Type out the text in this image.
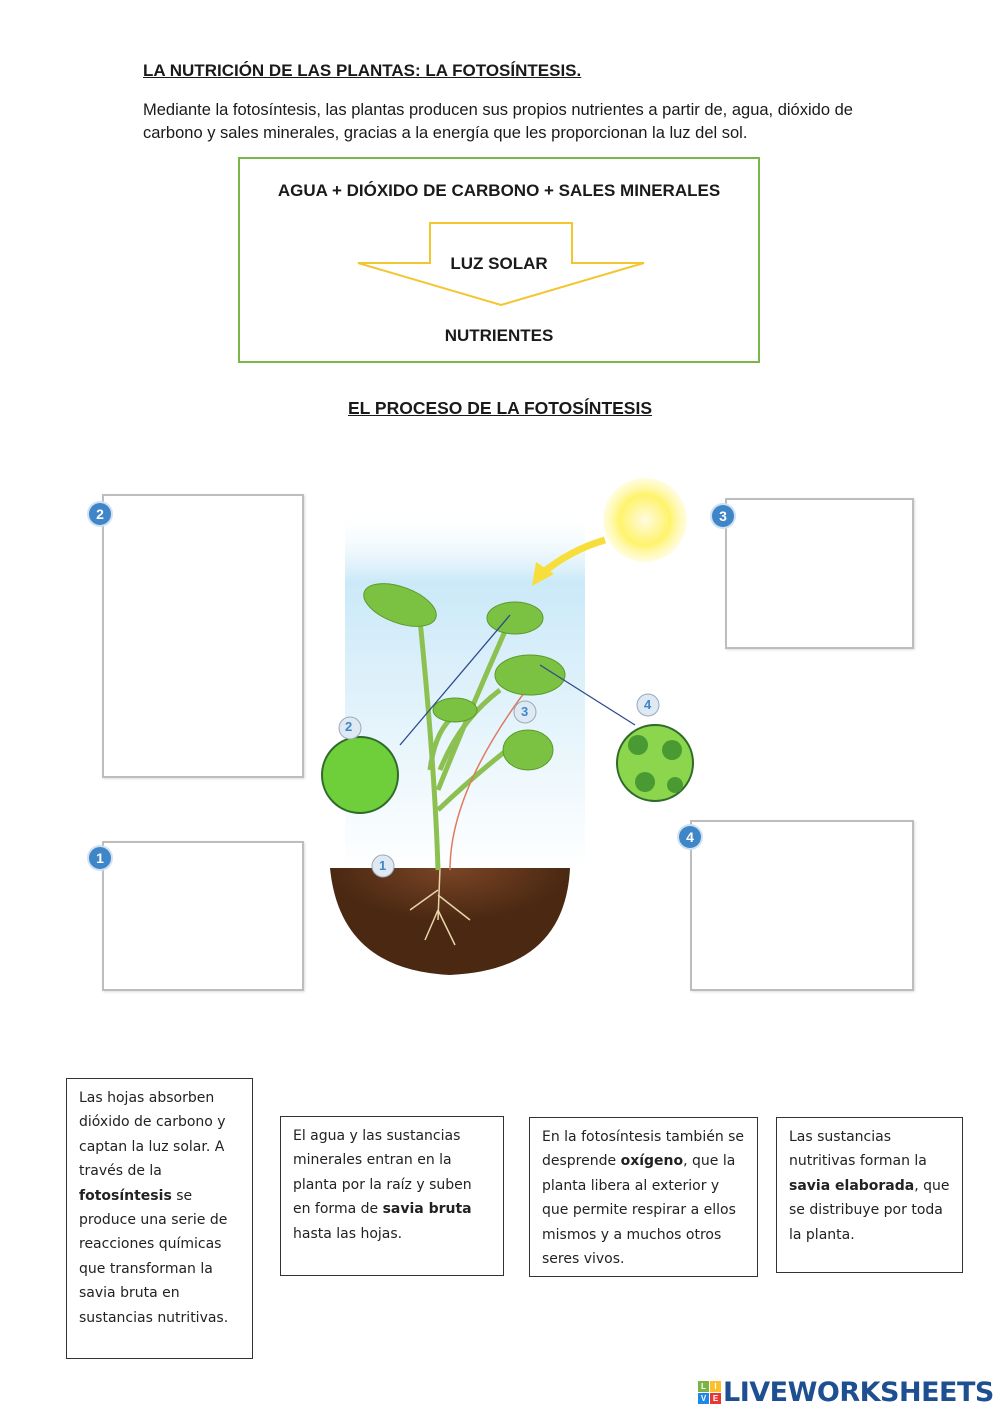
LA NUTRICIÓN DE LAS PLANTAS: LA FOTOSÍNTESIS.
Mediante la fotosíntesis, las plantas producen sus propios nutrientes a partir de, agua, dióxido de carbono y sales minerales, gracias a la energía que les proporcionan la luz del sol.
AGUA + DIÓXIDO DE CARBONO + SALES MINERALES
LUZ SOLAR
NUTRIENTES
EL PROCESO DE LA FOTOSÍNTESIS
2
3	4
1
2
1
3
4
Las hojas absorben dióxido de carbono y captan la luz solar. A través de la fotosíntesis se produce una serie de reacciones químicas que transforman la savia bruta en sustancias nutritivas.
El agua y las sustancias minerales entran en la planta por la raíz y suben en forma de savia bruta hasta las hojas.
En la fotosíntesis también se desprende oxígeno, que la planta libera al exterior y que permite respirar a ellos mismos y a muchos otros seres vivos.
Las sustancias nutritivas forman la savia elaborada, que se distribuye por toda la planta.
L	I
V E LIVEWORKSHEETS
